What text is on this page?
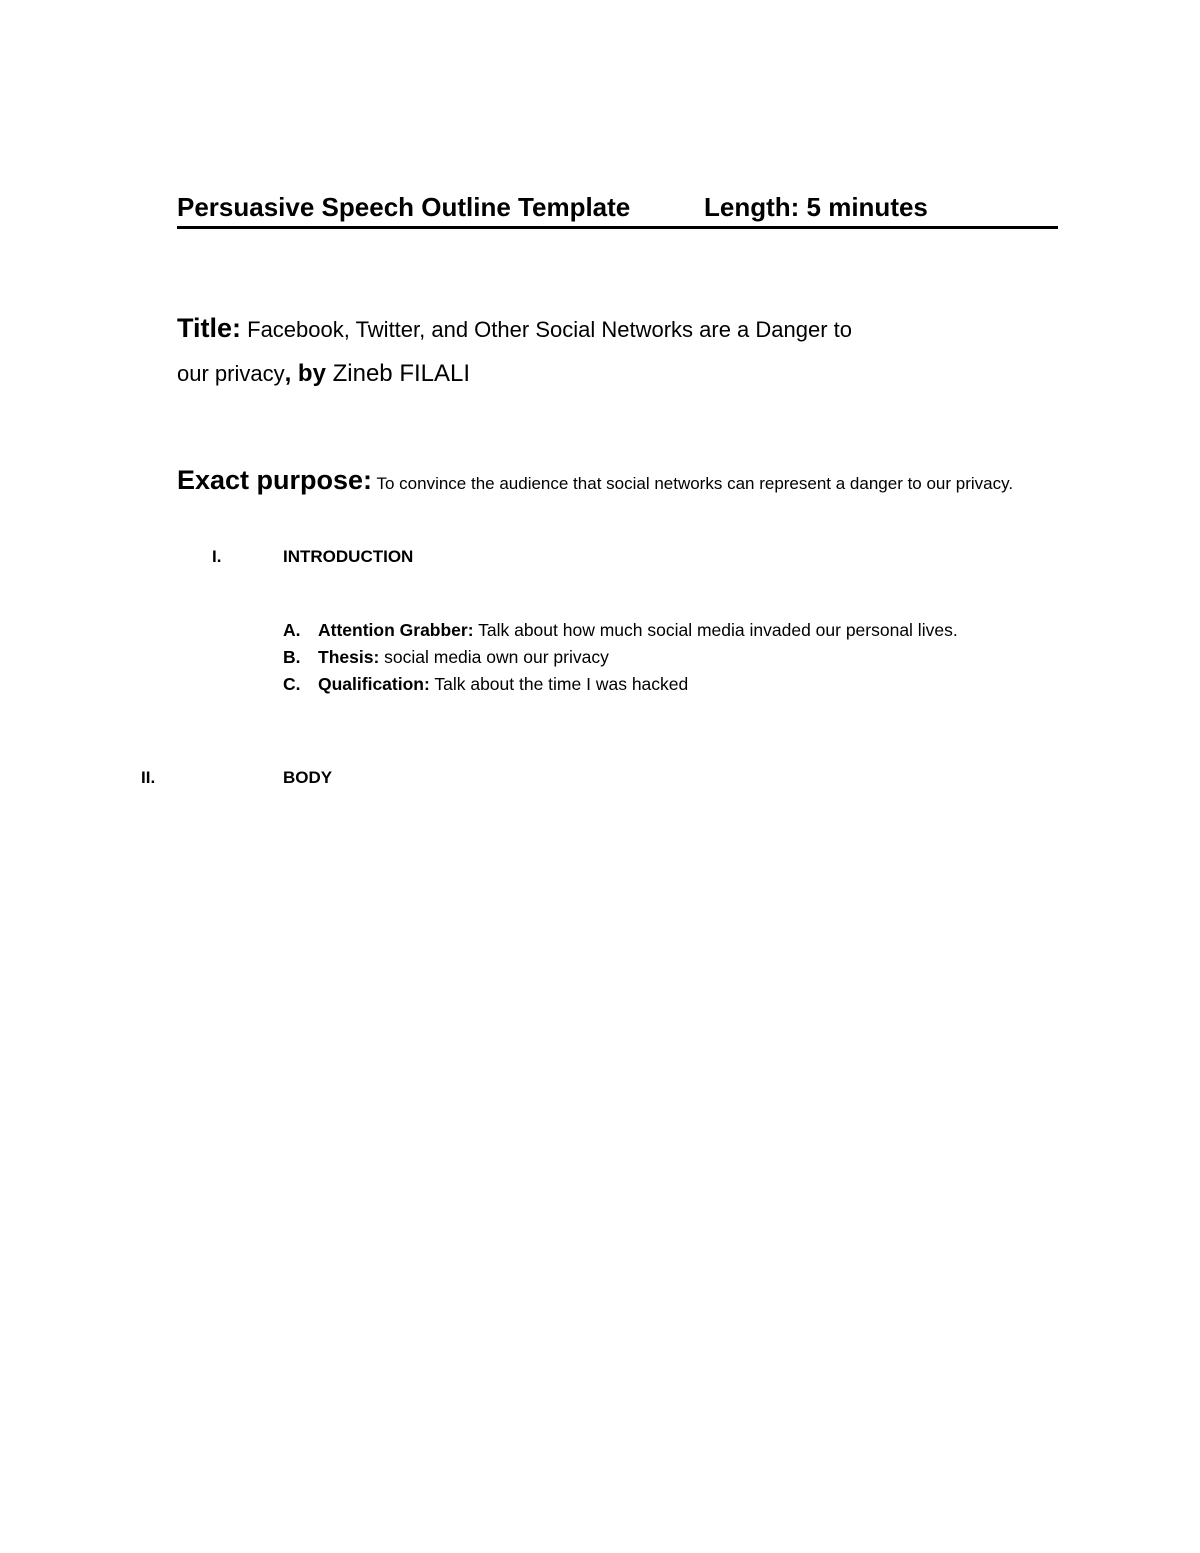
Persuasive Speech Outline Template	Length: 5 minutes
Title: Facebook, Twitter, and Other Social Networks are a Danger to
our privacy, by Zineb FILALI
Exact purpose: To convince the audience that social networks can represent a danger to our privacy.
I.	INTRODUCTION
A. Attention Grabber: Talk about how much social media invaded our personal lives.
B. Thesis: social media own our privacy
C. Qualification: Talk about the time I was hacked
II.	BODY
